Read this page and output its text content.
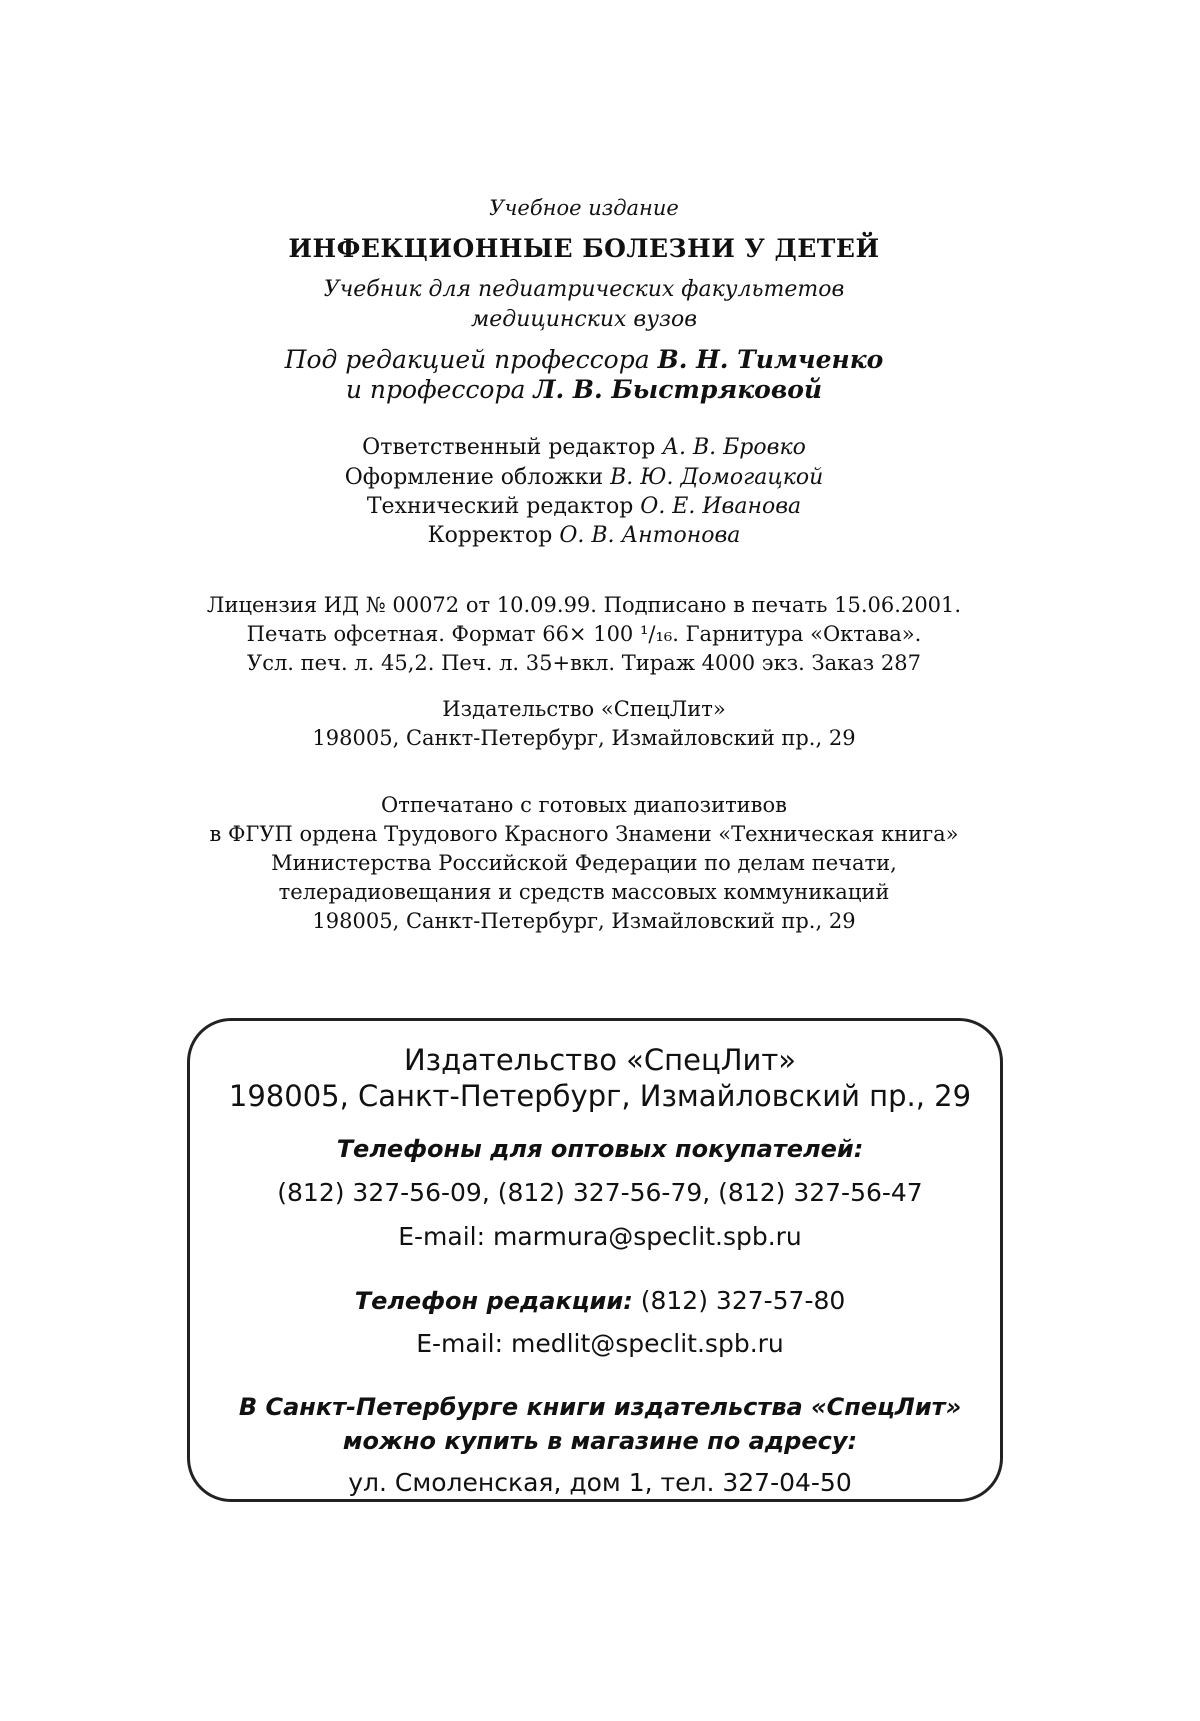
Учебное издание
ИНФЕКЦИОННЫЕ БОЛЕЗНИ У ДЕТЕЙ
Учебник для педиатрических факультетов
медицинских вузов
Под редакцией профессора В. Н. Тимченко
и профессора Л. В. Быстряковой
Ответственный редактор А. В. Бровко
Оформление обложки В. Ю. Домогацкой
Технический редактор О. Е. Иванова
Корректор О. В. Антонова
Лицензия ИД № 00072 от 10.09.99. Подписано в печать 15.06.2001.
Печать офсетная. Формат 66× 100 ¹/₁₆. Гарнитура «Октава».
Усл. печ. л. 45,2. Печ. л. 35+вкл. Тираж 4000 экз. Заказ 287
Издательство «СпецЛит»
198005, Санкт-Петербург, Измайловский пр., 29
Отпечатано с готовых диапозитивов
в ФГУП ордена Трудового Красного Знамени «Техническая книга»
Министерства Российской Федерации по делам печати,
телерадиовещания и средств массовых коммуникаций
198005, Санкт-Петербург, Измайловский пр., 29
Издательство «СпецЛит»
198005, Санкт-Петербург, Измайловский пр., 29
Телефоны для оптовых покупателей:
(812) 327-56-09, (812) 327-56-79, (812) 327-56-47
E-mail: marmura@speclit.spb.ru
Телефон редакции: (812) 327-57-80
E-mail: medlit@speclit.spb.ru
В Санкт-Петербурге книги издательства «СпецЛит»
можно купить в магазине по адресу:
ул. Смоленская, дом 1, тел. 327-04-50
